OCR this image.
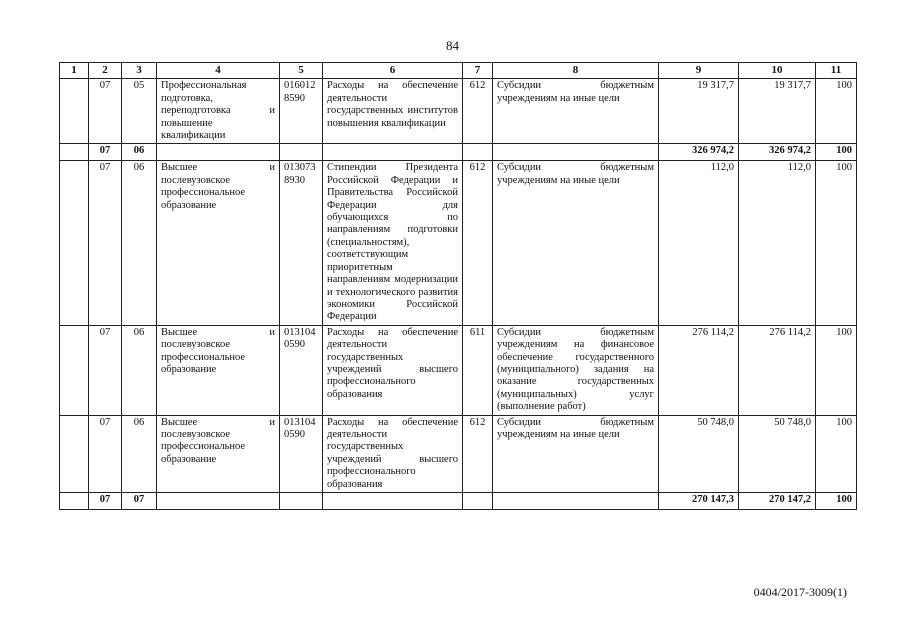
84
1	2	3	4	5	6	7	8	9	10	11
	07	05	Профессиональная подготовка, переподготовка и повышение квалификации	016012 8590	Расходы на обеспечение деятельности государственных институтов повышения квалификации	612	Субсидии бюджетным учреждениям на иные цели	19 317,7	19 317,7	100
	07	06						326 974,2	326 974,2	100
	07	06	Высшее и послевузовское профессиональное образование	013073 8930	Стипендии Президента Российской Федерации и Правительства Российской Федерации для обучающихся по направлениям подготовки (специальностям), соответствующим приоритетным направлениям модернизации и технологического развития экономики Российской Федерации	612	Субсидии бюджетным учреждениям на иные цели	112,0	112,0	100
	07	06	Высшее и послевузовское профессиональное образование	013104 0590	Расходы на обеспечение деятельности государственных учреждений высшего профессионального образования	611	Субсидии бюджетным учреждениям на финансовое обеспечение государственного (муниципального) задания на оказание государственных (муниципальных) услуг (выполнение работ)	276 114,2	276 114,2	100
	07	06	Высшее и послевузовское профессиональное образование	013104 0590	Расходы на обеспечение деятельности государственных учреждений высшего профессионального образования	612	Субсидии бюджетным учреждениям на иные цели	50 748,0	50 748,0	100
	07	07						270 147,3	270 147,2	100
0404/2017-3009(1)
